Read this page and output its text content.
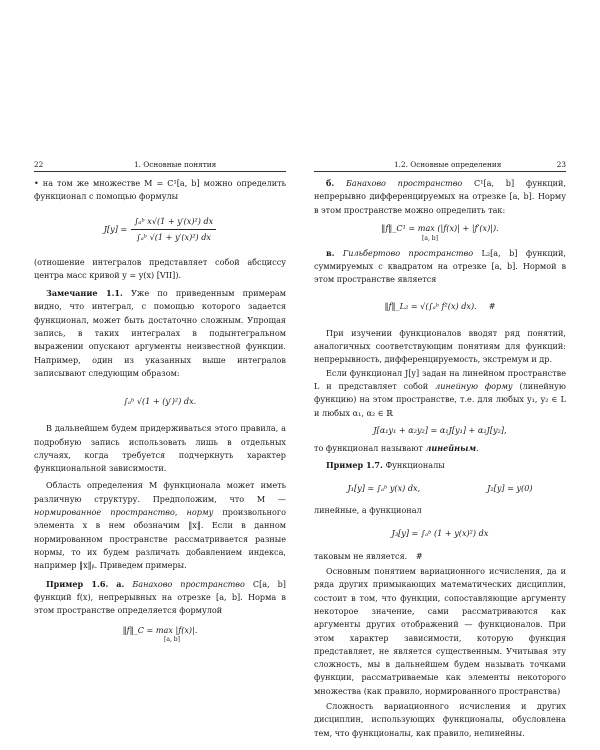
22	1. Основные понятия

• на том же множестве M = C¹[a, b] можно определить функционал с помощью формулы

$J[y] = \frac{\text{∫ₐᵇ x√(1 + y′(x)²) dx}}{\text{∫ₐᵇ √(1 + y′(x)²) dx}}$

(отношение интегралов представляет собой абсциссу центра масс кривой y = y(x) [VII]).

Замечание 1.1. Уже по приведенным примерам видно, что интеграл, с помощью которого задается функционал, может быть достаточно сложным. Упрощая запись, в таких интегралах в подынтегральном выражении опускают аргументы неизвестной функции. Например, один из указанных выше интегралов записывают следующим образом:

∫ₐᵇ √(1 + (y′)²) dx.

В дальнейшем будем придерживаться этого правила, а подробную запись использовать лишь в отдельных случаях, когда требуется подчеркнуть характер функциональной зависимости.

Область определения M функционала может иметь различную структуру. Предположим, что M — нормированное пространство, норму произвольного элемента x в нем обозначим ‖x‖. Если в данном нормированном пространстве рассматривается разные нормы, то их будем различать добавлением индекса, например ‖x‖ᵦ. Приведем примеры.

Пример 1.6. а. Банахово пространство C[a, b] функций f(x), непрерывных на отрезке [a, b]. Норма в этом пространстве определяется формулой

‖f‖_C = max |f(x)|.
[a, b]
1.2. Основные определения	23

б. Банахово пространство C¹[a, b] функций, непрерывно дифференцируемых на отрезке [a, b]. Норму в этом пространстве можно определить так:

‖f‖_C¹ = max (|f(x)| + |f′(x)|).
[a, b]

в. Гильбертово пространство L₂[a, b] функций, суммируемых с квадратом на отрезке [a, b]. Нормой в этом пространстве является

‖f‖_L₂ = √(∫ₐᵇ f²(x) dx). #

При изучении функционалов вводят ряд понятий, аналогичных соответствующим понятиям для функций: непрерывность, дифференцируемость, экстремум и др.

Если функционал J[y] задан на линейном пространстве L и представляет собой линейную форму (линейную функцию) на этом пространстве, т.е. для любых y₁, y₂ ∈ L и любых α₁, α₂ ∈ ℝ

J[α₁y₁ + α₂y₂] = α₁J[y₁] + α₂J[y₂],

то функционал называют линейным.

Пример 1.7. Функционалы

J₁[y] = ∫ₐᵇ y(x) dx,	J₂[y] = y(0)

линейные, а функционал

J₃[y] = ∫ₐᵇ (1 + y(x)²) dx

таковым не является. #

Основным понятием вариационного исчисления, да и ряда других примыкающих математических дисциплин, состоит в том, что функции, сопоставляющие аргументу некоторое значение, сами рассматриваются как аргументы других отображений — функционалов. При этом характер зависимости, которую функция представляет, не является существенным. Учитывая эту сложность, мы в дальнейшем будем называть точками функции, рассматриваемые как элементы некоторого множества (как правило, нормированного пространства)

Сложность вариационного исчисления и других дисциплин, использующих функционалы, обусловлена тем, что функционалы, как правило, нелинейны.
